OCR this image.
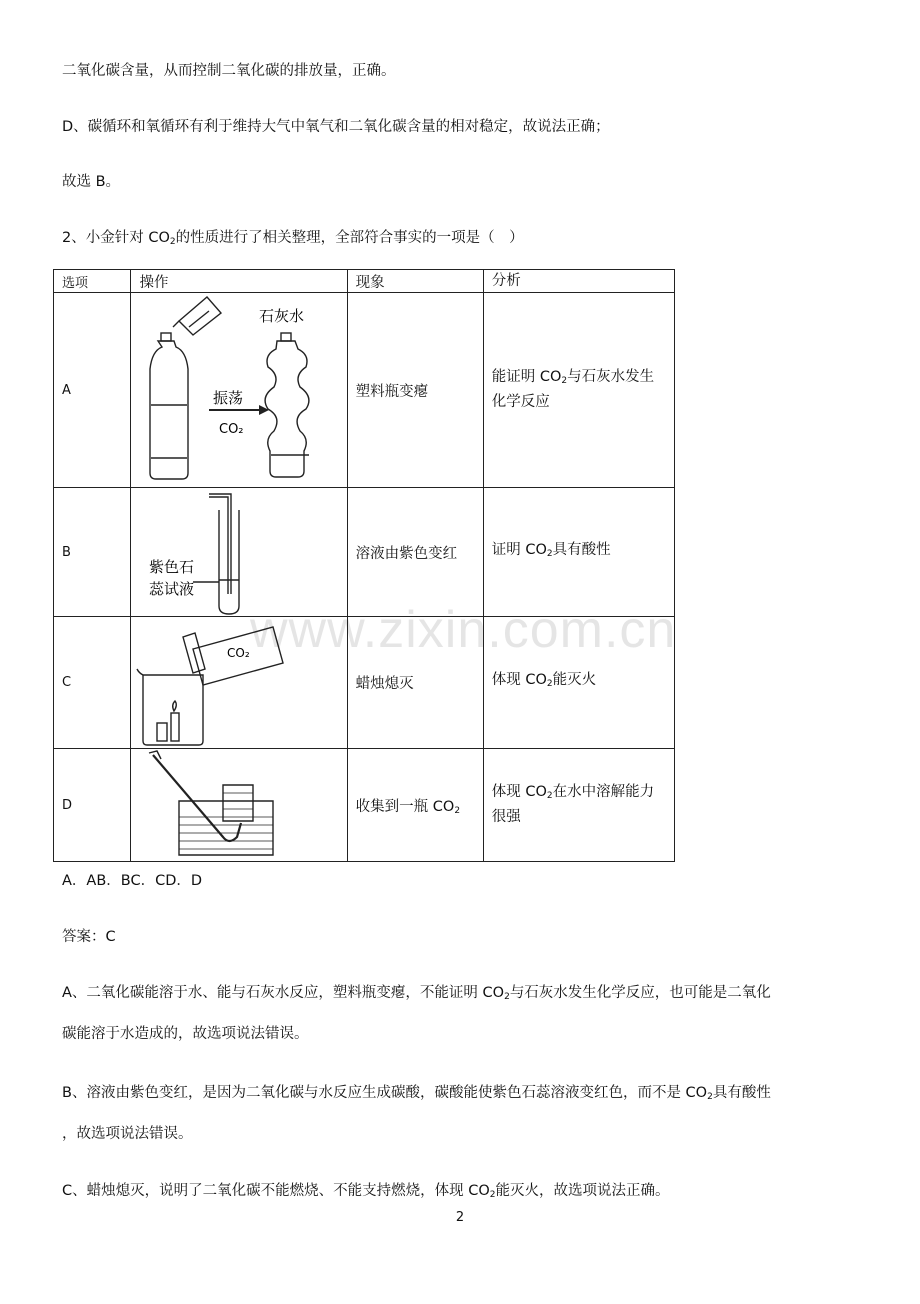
二氧化碳含量，从而控制二氧化碳的排放量，正确。
D、碳循环和氧循环有利于维持大气中氧气和二氧化碳含量的相对稳定，故说法正确；
故选 B。
2、小金针对 $CO_2$的性质进行了相关整理，全部符合事实的一项是（　）
www.zixin.com.cn
选项	操作	现象	分析
A	振荡
CO₂
石灰水	塑料瓶变瘪	能证明 $CO_2$与石灰水发生化学反应
B	紫色石
蕊试液	溶液由紫色变红	证明 $CO_2$具有酸性
C	CO₂	蜡烛熄灭	体现 $CO_2$能灭火
D		收集到一瓶 $CO_2$	体现 $CO_2$在水中溶解能力很强
A．AB．BC．CD．D
答案：C
A、二氧化碳能溶于水、能与石灰水反应，塑料瓶变瘪，不能证明 $CO_2$与石灰水发生化学反应，也可能是二氧化
碳能溶于水造成的，故选项说法错误。
B、溶液由紫色变红，是因为二氧化碳与水反应生成碳酸，碳酸能使紫色石蕊溶液变红色，而不是 $CO_2$具有酸性
，故选项说法错误。
C、蜡烛熄灭，说明了二氧化碳不能燃烧、不能支持燃烧，体现 $CO_2$能灭火，故选项说法正确。
2
